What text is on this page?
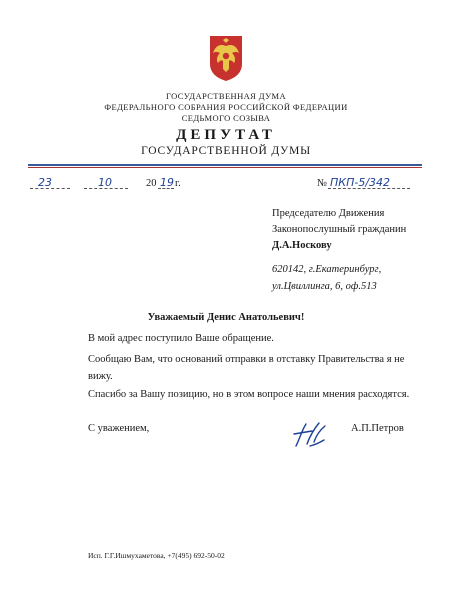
ГОСУДАРСТВЕННАЯ ДУМА
ФЕДЕРАЛЬНОГО СОБРАНИЯ РОССИЙСКОЙ ФЕДЕРАЦИИ
СЕДЬМОГО СОЗЫВА
ДЕПУТАТ
ГОСУДАРСТВЕННОЙ ДУМЫ
23	10	20 19 г.	№ ПКП-5/342
Председателю Движения
Законопослушный гражданин
Д.А.Носкову
620142, г.Екатеринбург,
ул.Цвиллинга, 6, оф.513
Уважаемый Денис Анатольевич!
В мой адрес поступило Ваше обращение.
Сообщаю Вам, что оснований отправки в отставку Правительства я не
вижу.
Спасибо за Вашу позицию, но в этом вопросе наши мнения расходятся.
С уважением,	А.П.Петров
Исп. Г.Г.Ишмухаметова, +7(495) 692-50-02
